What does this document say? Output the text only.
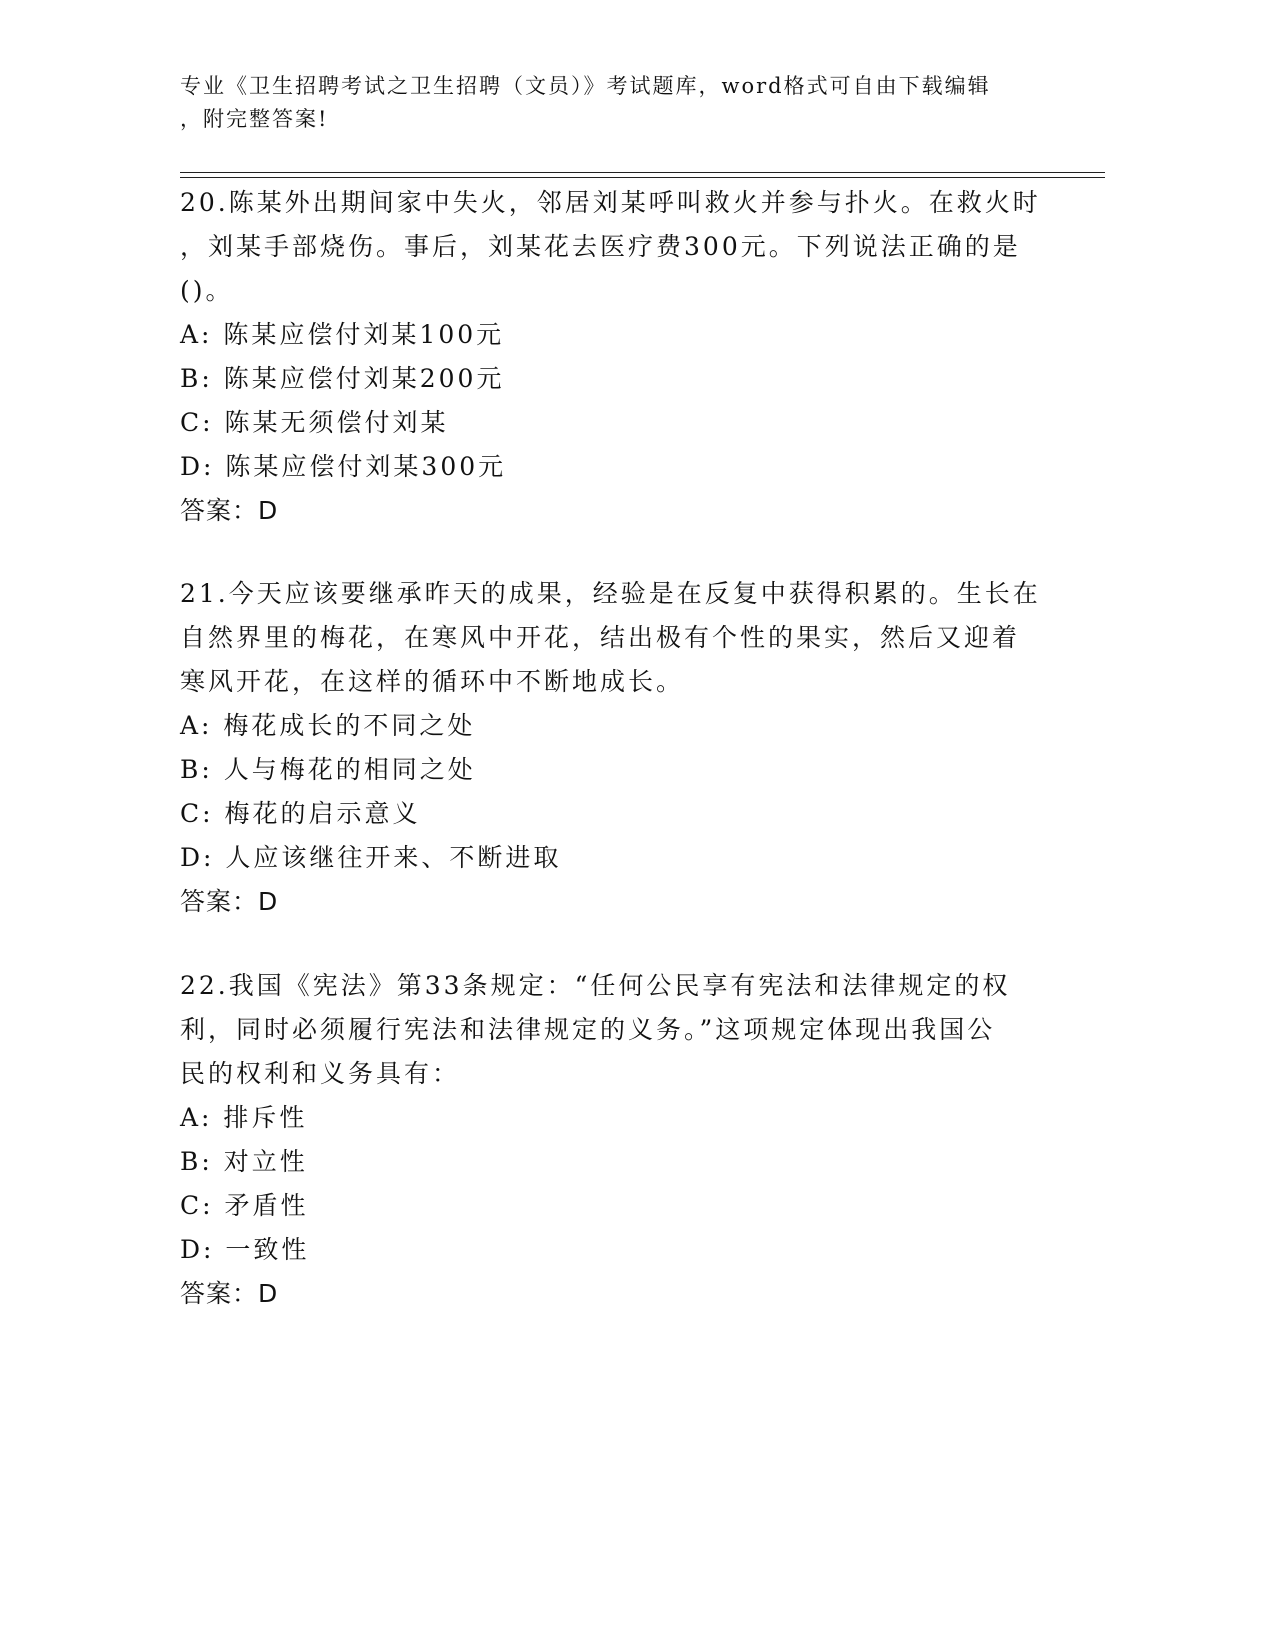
专业《卫生招聘考试之卫生招聘（文员）》考试题库，word格式可自由下载编辑
，附完整答案!
20.陈某外出期间家中失火，邻居刘某呼叫救火并参与扑火。在救火时
，刘某手部烧伤。事后，刘某花去医疗费300元。下列说法正确的是
()。
A: 陈某应偿付刘某100元
B: 陈某应偿付刘某200元
C: 陈某无须偿付刘某
D: 陈某应偿付刘某300元
答案：D
21.今天应该要继承昨天的成果，经验是在反复中获得积累的。生长在
自然界里的梅花，在寒风中开花，结出极有个性的果实，然后又迎着
寒风开花，在这样的循环中不断地成长。
A: 梅花成长的不同之处
B: 人与梅花的相同之处
C: 梅花的启示意义
D: 人应该继往开来、不断进取
答案：D
22.我国《宪法》第33条规定：“任何公民享有宪法和法律规定的权
利，同时必须履行宪法和法律规定的义务。”这项规定体现出我国公
民的权利和义务具有：
A: 排斥性
B: 对立性
C: 矛盾性
D: 一致性
答案：D
